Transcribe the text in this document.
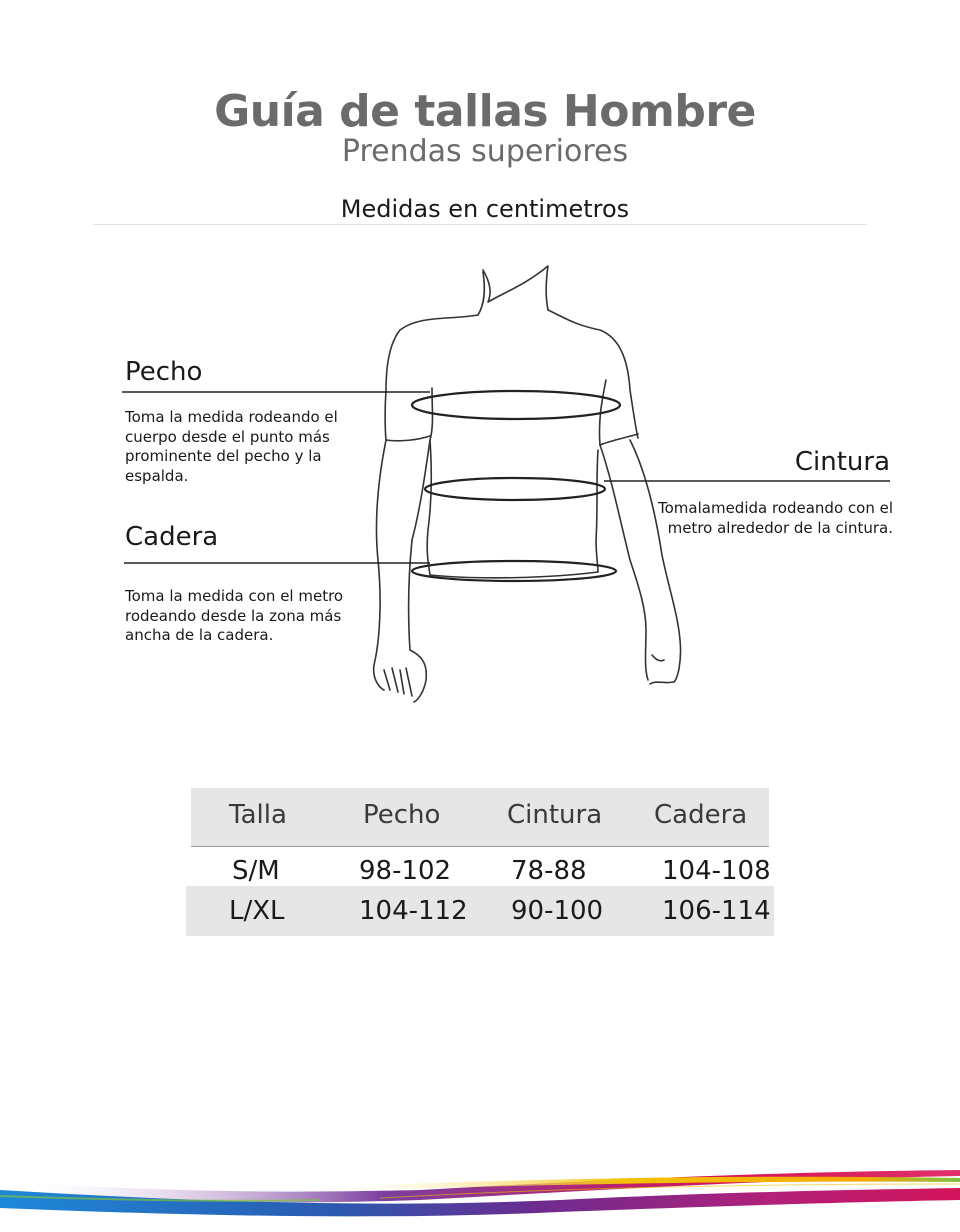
Guía de tallas Hombre
Prendas superiores
Medidas en centimetros
Pecho
Toma la medida rodeando el cuerpo desde el punto más prominente del pecho y la espalda.
Cadera
Toma la medida con el metro rodeando desde la zona más ancha de la cadera.
Cintura
Tomalamedida rodeando con el metro alrededor de la cintura.
Talla	Pecho	Cintura Cadera
S/M	98-102 78-88	104-108
L/XL	104-112 90-100 106-114
